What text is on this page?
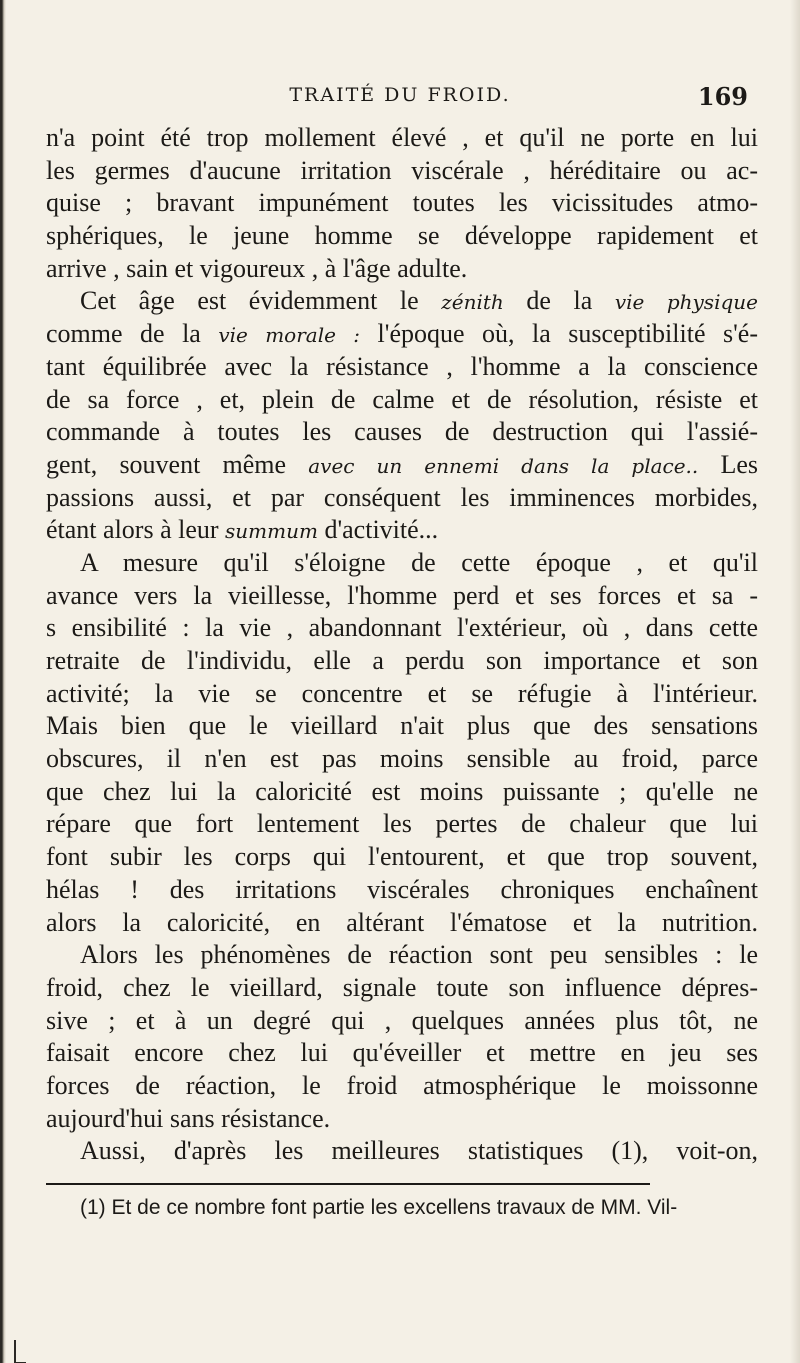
TRAITÉ DU FROID.	169
n'a point été trop mollement élevé , et qu'il ne porte en lui
les germes d'aucune irritation viscérale , héréditaire ou ac-
quise ; bravant impunément toutes les vicissitudes atmo-
sphériques, le jeune homme se développe rapidement et
arrive , sain et vigoureux , à l'âge adulte.
Cet âge est évidemment le zénith de la vie physique
comme de la vie morale : l'époque où, la susceptibilité s'é-
tant équilibrée avec la résistance , l'homme a la conscience
de sa force , et, plein de calme et de résolution, résiste et
commande à toutes les causes de destruction qui l'assié-
gent, souvent même avec un ennemi dans la place.. Les
passions aussi, et par conséquent les imminences morbides,
étant alors à leur summum d'activité...
A mesure qu'il s'éloigne de cette époque , et qu'il
avance vers la vieillesse, l'homme perd et ses forces et sa -
s ensibilité : la vie , abandonnant l'extérieur, où , dans cette
retraite de l'individu, elle a perdu son importance et son
activité; la vie se concentre et se réfugie à l'intérieur.
Mais bien que le vieillard n'ait plus que des sensations
obscures, il n'en est pas moins sensible au froid, parce
que chez lui la caloricité est moins puissante ; qu'elle ne
répare que fort lentement les pertes de chaleur que lui
font subir les corps qui l'entourent, et que trop souvent,
hélas ! des irritations viscérales chroniques enchaînent
alors la caloricité, en altérant l'ématose et la nutrition.
Alors les phénomènes de réaction sont peu sensibles : le
froid, chez le vieillard, signale toute son influence dépres-
sive ; et à un degré qui , quelques années plus tôt, ne
faisait encore chez lui qu'éveiller et mettre en jeu ses
forces de réaction, le froid atmosphérique le moissonne
aujourd'hui sans résistance.
Aussi, d'après les meilleures statistiques (1), voit-on,
(1) Et de ce nombre font partie les excellens travaux de MM. Vil-
